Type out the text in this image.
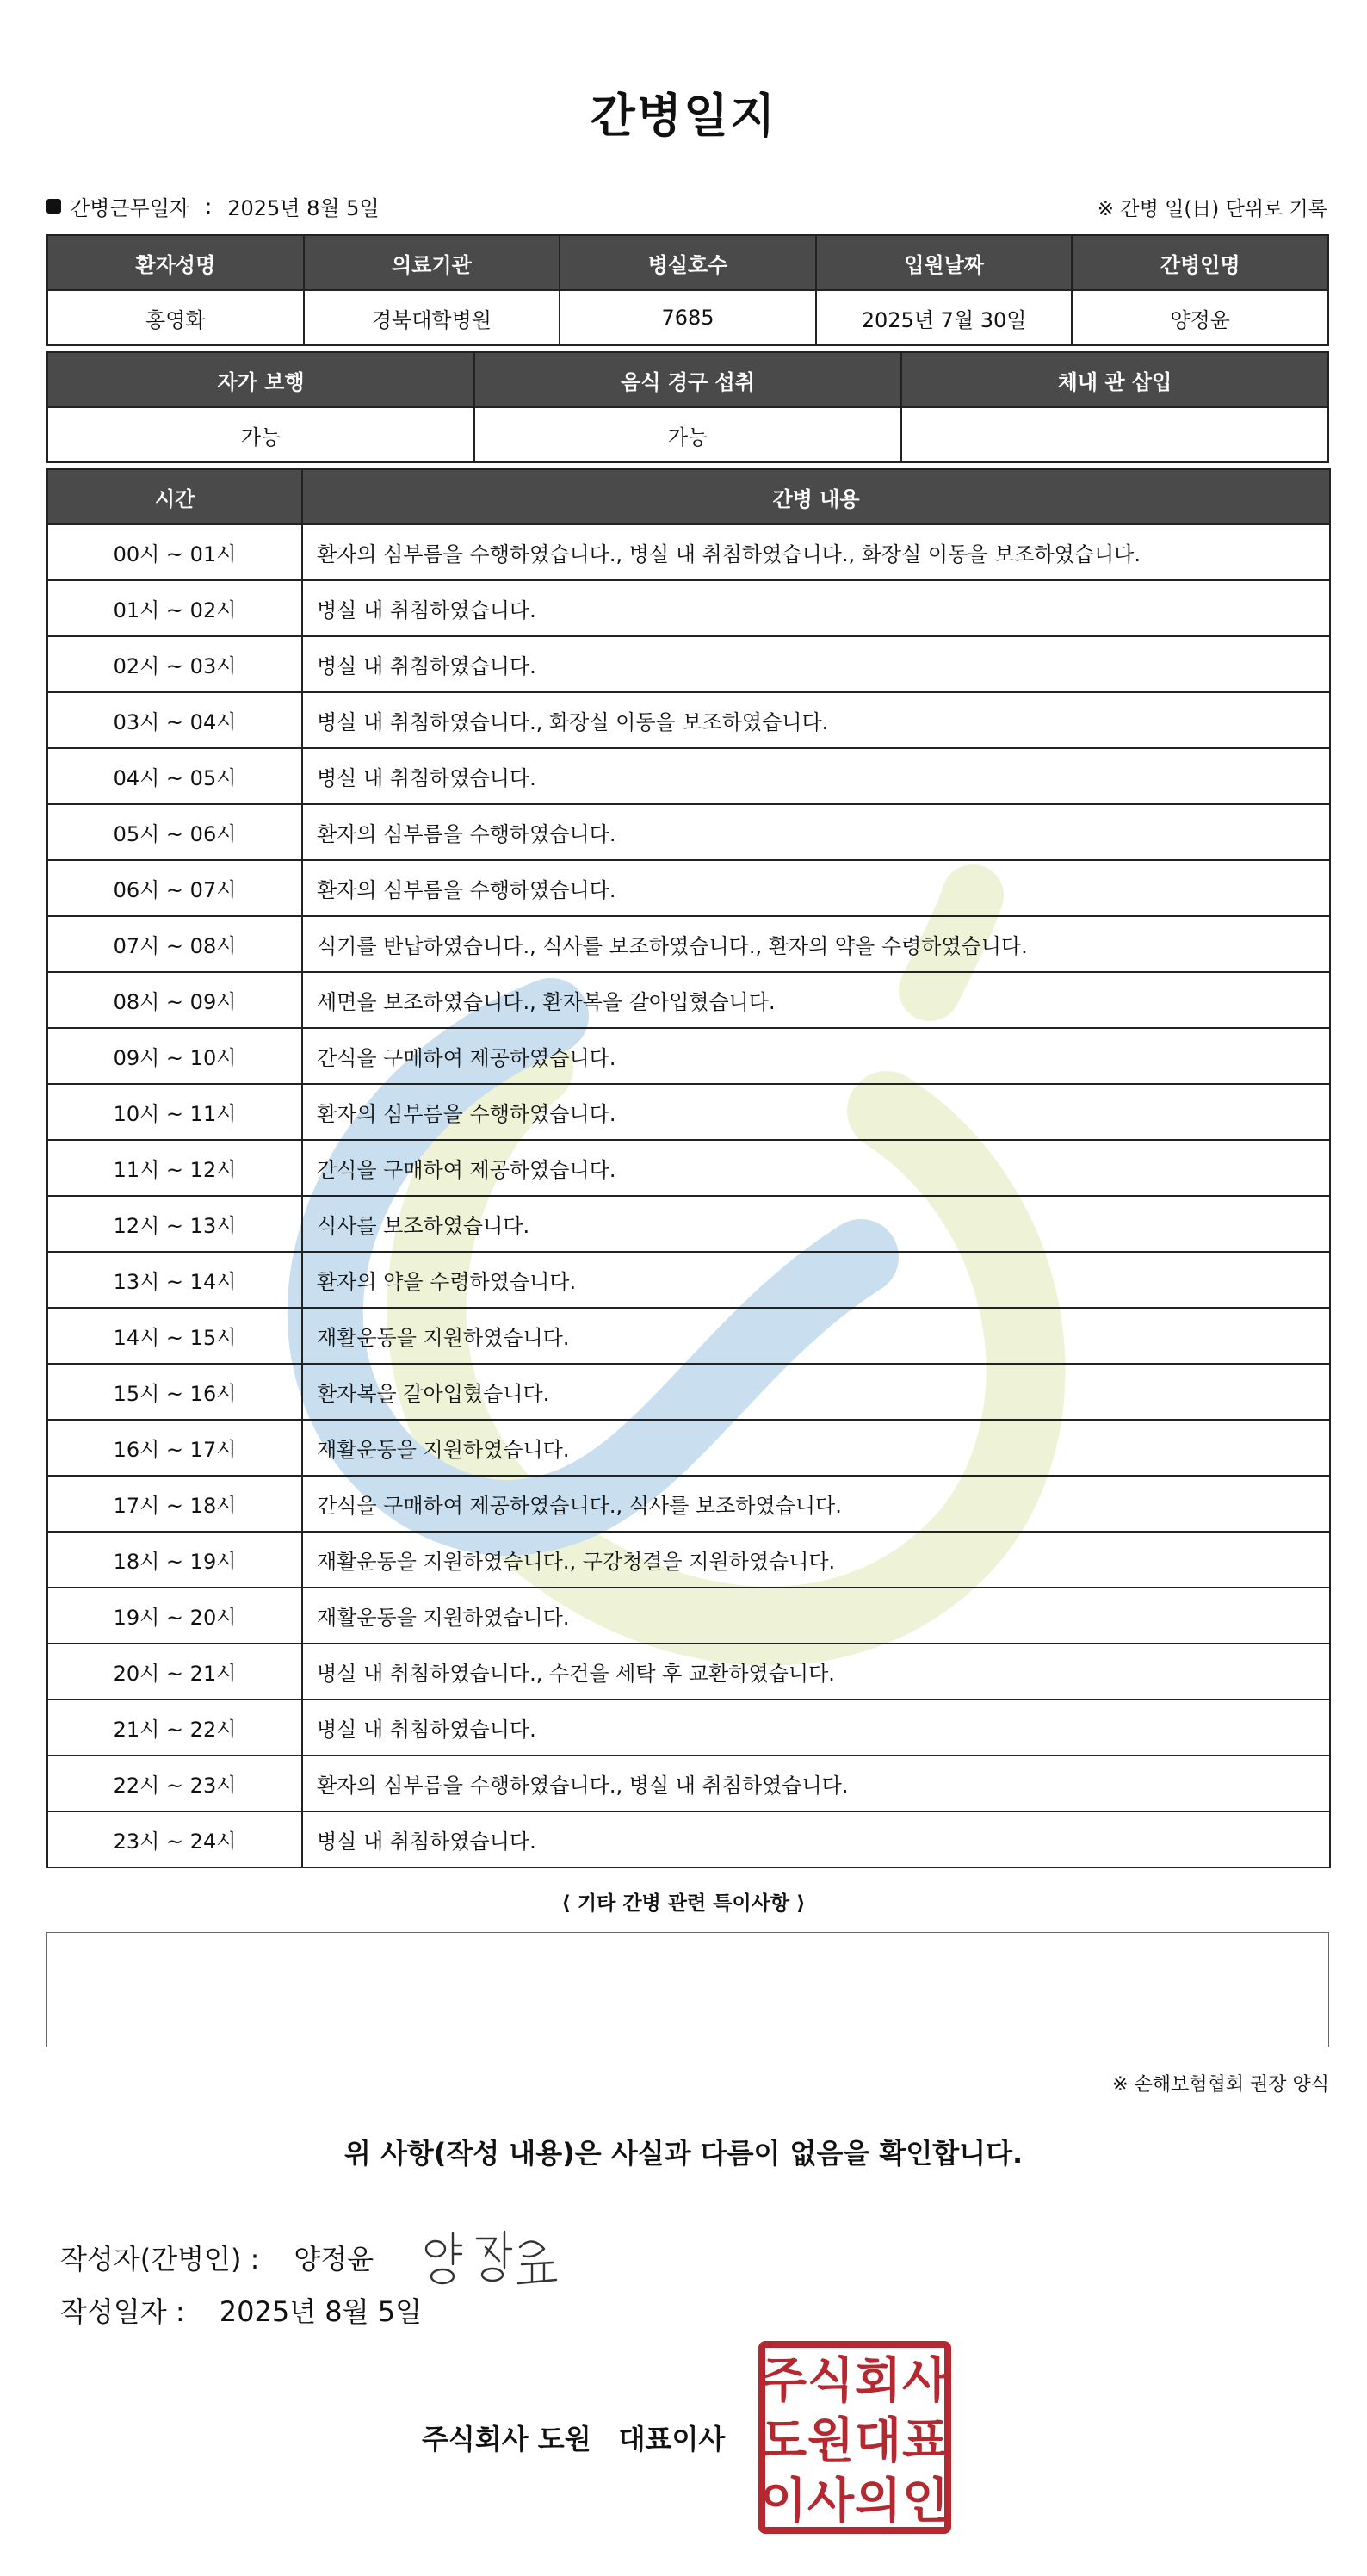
간병일지
간병근무일자 : 2025년 8월 5일	※ 간병 일(日) 단위로 기록
환자성명	의료기관	병실호수	입원날짜	간병인명
홍영화	경북대학병원	7685	2025년 7월 30일	양정윤
자가 보행	음식 경구 섭취	체내 관 삽입
가능	가능	
시간	간병 내용
00시 ~ 01시	환자의 심부름을 수행하였습니다., 병실 내 취침하였습니다., 화장실 이동을 보조하였습니다.
01시 ~ 02시	병실 내 취침하였습니다.
02시 ~ 03시	병실 내 취침하였습니다.
03시 ~ 04시	병실 내 취침하였습니다., 화장실 이동을 보조하였습니다.
04시 ~ 05시	병실 내 취침하였습니다.
05시 ~ 06시	환자의 심부름을 수행하였습니다.
06시 ~ 07시	환자의 심부름을 수행하였습니다.
07시 ~ 08시	식기를 반납하였습니다., 식사를 보조하였습니다., 환자의 약을 수령하였습니다.
08시 ~ 09시	세면을 보조하였습니다., 환자복을 갈아입혔습니다.
09시 ~ 10시	간식을 구매하여 제공하였습니다.
10시 ~ 11시	환자의 심부름을 수행하였습니다.
11시 ~ 12시	간식을 구매하여 제공하였습니다.
12시 ~ 13시	식사를 보조하였습니다.
13시 ~ 14시	환자의 약을 수령하였습니다.
14시 ~ 15시	재활운동을 지원하였습니다.
15시 ~ 16시	환자복을 갈아입혔습니다.
16시 ~ 17시	재활운동을 지원하였습니다.
17시 ~ 18시	간식을 구매하여 제공하였습니다., 식사를 보조하였습니다.
18시 ~ 19시	재활운동을 지원하였습니다., 구강청결을 지원하였습니다.
19시 ~ 20시	재활운동을 지원하였습니다.
20시 ~ 21시	병실 내 취침하였습니다., 수건을 세탁 후 교환하였습니다.
21시 ~ 22시	병실 내 취침하였습니다.
22시 ~ 23시	환자의 심부름을 수행하였습니다., 병실 내 취침하였습니다.
23시 ~ 24시	병실 내 취침하였습니다.
⟨ 기타 간병 관련 특이사항 ⟩
※ 손해보험협회 권장 양식
위 사항(작성 내용)은 사실과 다름이 없음을 확인합니다.
작성자(간병인) : 양정윤
작성일자 : 2025년 8월 5일
주식회사 도원 대표이사
주 식 회 사
도 원 대 표
이 사 의 인
